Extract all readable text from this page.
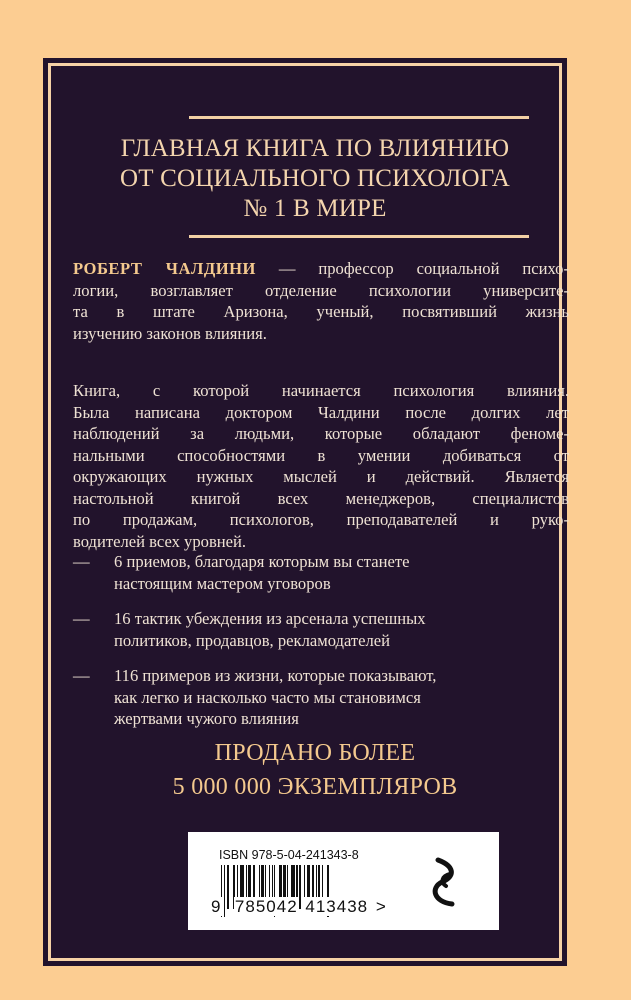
ГЛАВНАЯ КНИГА ПО ВЛИЯНИЮ
ОТ СОЦИАЛЬНОГО ПСИХОЛОГА
№ 1 В МИРЕ
РОБЕРТ ЧАЛДИНИ — профессор социальной психо-
логии, возглавляет отделение психологии университе-
та в штате Аризона, ученый, посвятивший жизнь
изучению законов влияния.
Книга, с которой начинается психология влияния.
Была написана доктором Чалдини после долгих лет
наблюдений за людьми, которые обладают феноме-
нальными способностями в умении добиваться от
окружающих нужных мыслей и действий. Является
настольной книгой всех менеджеров, специалистов
по продажам, психологов, преподавателей и руко-
водителей всех уровней.
— 6 приемов, благодаря которым вы станете
настоящим мастером уговоров
— 16 тактик убеждения из арсенала успешных
политиков, продавцов, рекламодателей
— 116 примеров из жизни, которые показывают,
как легко и насколько часто мы становимся
жертвами чужого влияния
ПРОДАНО БОЛЕЕ
5 000 000 ЭКЗЕМПЛЯРОВ
ISBN 978-5-04-241343-8
9 785042 413438 >
